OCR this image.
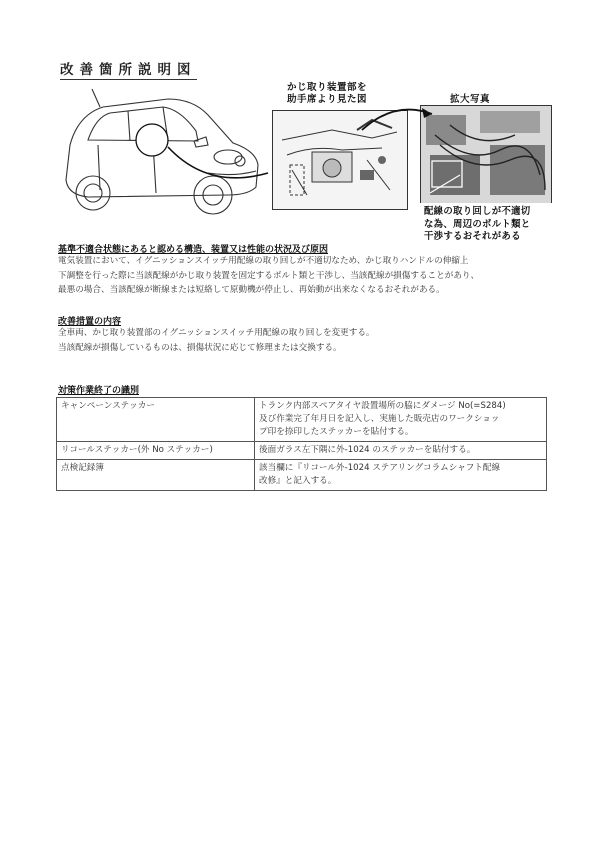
改善箇所説明図
かじ取り装置部を
助手席より見た図	拡大写真
配線の取り回しが不適切
な為、周辺のボルト類と
干渉するおそれがある
基準不適合状態にあると認める構造、装置又は性能の状況及び原因
電気装置において、イグニッションスイッチ用配線の取り回しが不適切なため、かじ取りハンドルの伸縮上
下調整を行った際に当該配線がかじ取り装置を固定するボルト類と干渉し、当該配線が損傷することがあり、
最悪の場合、当該配線が断線または短絡して原動機が停止し、再始動が出来なくなるおそれがある。
改善措置の内容
全車両、かじ取り装置部のイグニッションスイッチ用配線の取り回しを変更する。
当該配線が損傷しているものは、損傷状況に応じて修理または交換する。
対策作業終了の識別
キャンペーンステッカー	トランク内部スペアタイヤ設置場所の脇にダメージ No(=S284)
及び作業完了年月日を記入し、実施した販売店のワークショッ
プ印を捺印したステッカーを貼付する。

リコールステッカー(外 No ステッカー)	後面ガラス左下隅に外-1024 のステッカーを貼付する。

点検記録簿	該当欄に『リコール外-1024 ステアリングコラムシャフト配線
改修』と記入する。
